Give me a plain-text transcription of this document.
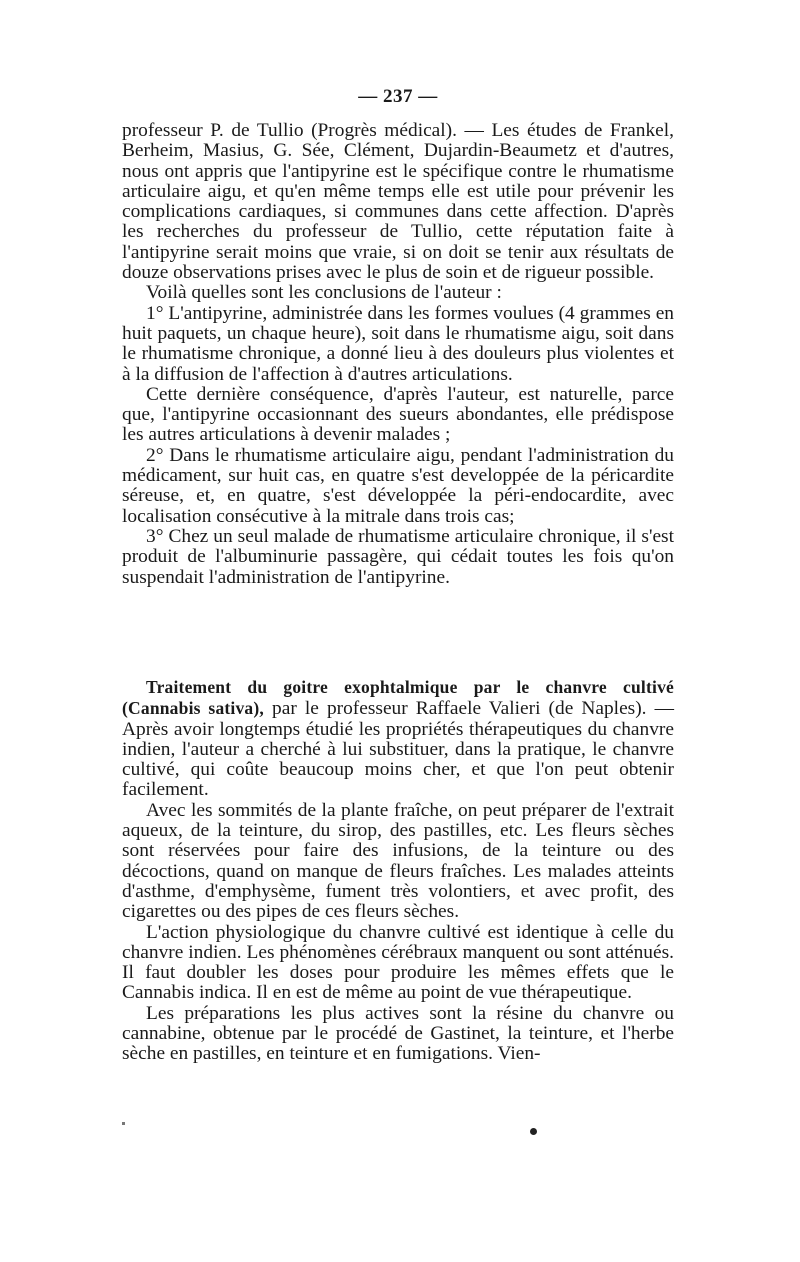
— 237 —

professeur P. de Tullio (Progrès médical). — Les études de Frankel, Berheim, Masius, G. Sée, Clément, Dujardin-Beaumetz et d'autres, nous ont appris que l'antipyrine est le spécifique contre le rhumatisme articulaire aigu, et qu'en même temps elle est utile pour prévenir les complications cardiaques, si communes dans cette affection. D'après les recherches du professeur de Tullio, cette réputation faite à l'antipyrine serait moins que vraie, si on doit se tenir aux résultats de douze observations prises avec le plus de soin et de rigueur possible.

Voilà quelles sont les conclusions de l'auteur :

1° L'antipyrine, administrée dans les formes voulues (4 grammes en huit paquets, un chaque heure), soit dans le rhumatisme aigu, soit dans le rhumatisme chronique, a donné lieu à des douleurs plus violentes et à la diffusion de l'affection à d'autres articulations.

Cette dernière conséquence, d'après l'auteur, est naturelle, parce que, l'antipyrine occasionnant des sueurs abondantes, elle prédispose les autres articulations à devenir malades ;

2° Dans le rhumatisme articulaire aigu, pendant l'administration du médicament, sur huit cas, en quatre s'est developpée de la péricardite séreuse, et, en quatre, s'est développée la péri-endocardite, avec localisation consécutive à la mitrale dans trois cas;

3° Chez un seul malade de rhumatisme articulaire chronique, il s'est produit de l'albuminurie passagère, qui cédait toutes les fois qu'on suspendait l'administration de l'antipyrine.

Traitement du goitre exophtalmique par le chanvre cultivé (Cannabis sativa), par le professeur Raffaele Valieri (de Naples). — Après avoir longtemps étudié les propriétés thérapeutiques du chanvre indien, l'auteur a cherché à lui substituer, dans la pratique, le chanvre cultivé, qui coûte beaucoup moins cher, et que l'on peut obtenir facilement.

Avec les sommités de la plante fraîche, on peut préparer de l'extrait aqueux, de la teinture, du sirop, des pastilles, etc. Les fleurs sèches sont réservées pour faire des infusions, de la teinture ou des décoctions, quand on manque de fleurs fraîches. Les malades atteints d'asthme, d'emphysème, fument très volontiers, et avec profit, des cigarettes ou des pipes de ces fleurs sèches.

L'action physiologique du chanvre cultivé est identique à celle du chanvre indien. Les phénomènes cérébraux manquent ou sont atténués. Il faut doubler les doses pour produire les mêmes effets que le Cannabis indica. Il en est de même au point de vue thérapeutique.

Les préparations les plus actives sont la résine du chanvre ou cannabine, obtenue par le procédé de Gastinet, la teinture, et l'herbe sèche en pastilles, en teinture et en fumigations. Vien-
